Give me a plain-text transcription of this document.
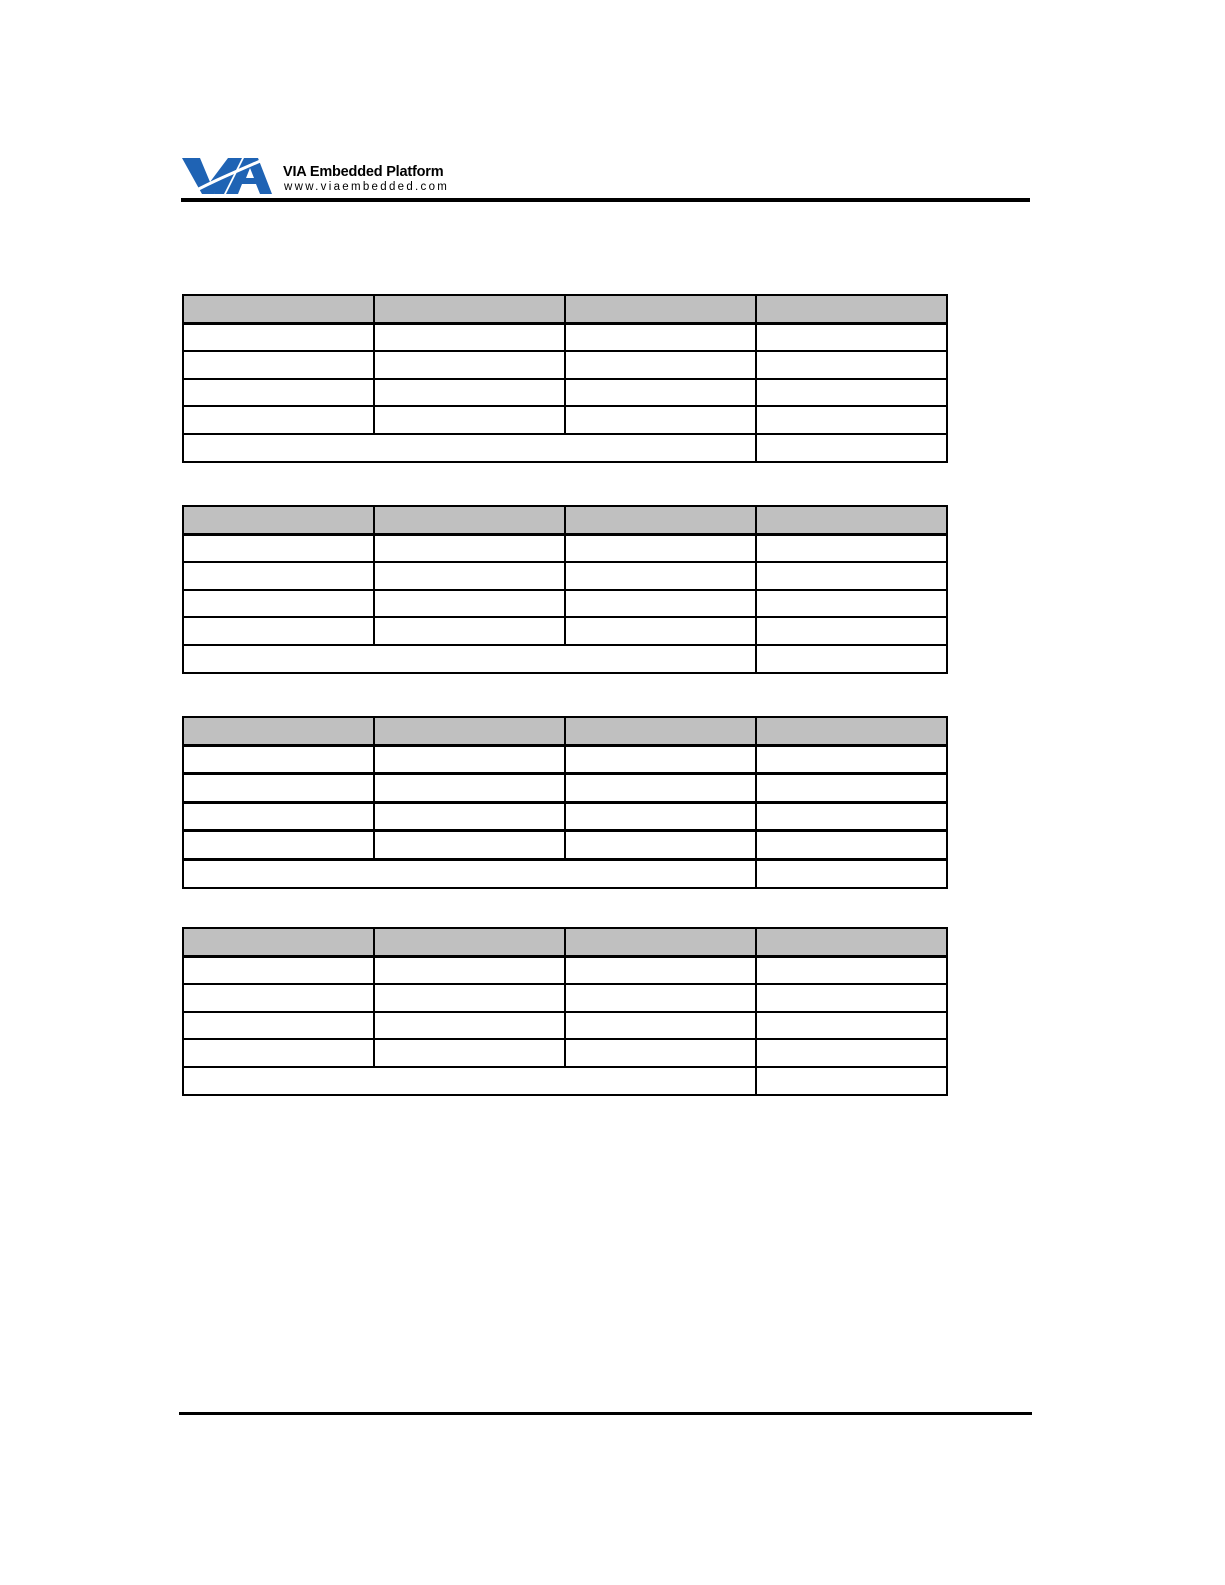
VIA Embedded Platform
www.viaembedded.com
